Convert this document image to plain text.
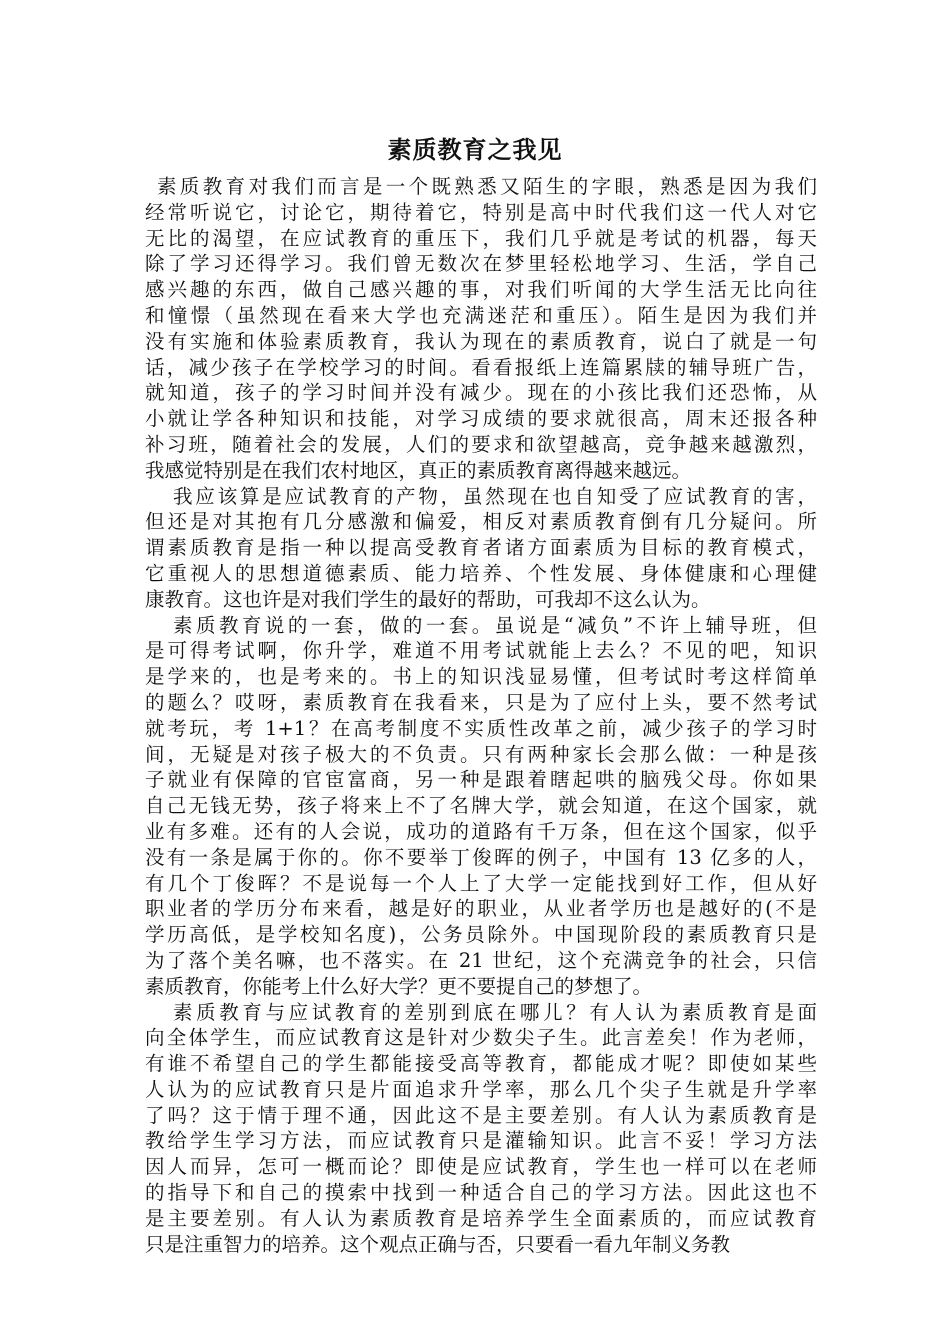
素质教育之我见
素质教育对我们而言是一个既熟悉又陌生的字眼，熟悉是因为我们
经常听说它，讨论它，期待着它，特别是高中时代我们这一代人对它
无比的渴望，在应试教育的重压下，我们几乎就是考试的机器，每天
除了学习还得学习。我们曾无数次在梦里轻松地学习、生活，学自己
感兴趣的东西，做自己感兴趣的事，对我们听闻的大学生活无比向往
和憧憬（虽然现在看来大学也充满迷茫和重压）。陌生是因为我们并
没有实施和体验素质教育，我认为现在的素质教育，说白了就是一句
话，减少孩子在学校学习的时间。看看报纸上连篇累牍的辅导班广告，
就知道，孩子的学习时间并没有减少。现在的小孩比我们还恐怖，从
小就让学各种知识和技能，对学习成绩的要求就很高，周末还报各种
补习班，随着社会的发展，人们的要求和欲望越高，竞争越来越激烈，
我感觉特别是在我们农村地区，真正的素质教育离得越来越远。
我应该算是应试教育的产物，虽然现在也自知受了应试教育的害，
但还是对其抱有几分感激和偏爱，相反对素质教育倒有几分疑问。所
谓素质教育是指一种以提高受教育者诸方面素质为目标的教育模式，
它重视人的思想道德素质、能力培养、个性发展、身体健康和心理健
康教育。这也许是对我们学生的最好的帮助，可我却不这么认为。
素质教育说的一套，做的一套。虽说是“减负”不许上辅导班，但
是可得考试啊，你升学，难道不用考试就能上去么？不见的吧，知识
是学来的，也是考来的。书上的知识浅显易懂，但考试时考这样简单
的题么？哎呀，素质教育在我看来，只是为了应付上头，要不然考试
就考玩，考 1+1？在高考制度不实质性改革之前，减少孩子的学习时
间，无疑是对孩子极大的不负责。只有两种家长会那么做：一种是孩
子就业有保障的官宦富商，另一种是跟着瞎起哄的脑残父母。你如果
自己无钱无势，孩子将来上不了名牌大学，就会知道，在这个国家，就
业有多难。还有的人会说，成功的道路有千万条，但在这个国家，似乎
没有一条是属于你的。你不要举丁俊晖的例子，中国有 13 亿多的人，
有几个丁俊晖？不是说每一个人上了大学一定能找到好工作，但从好
职业者的学历分布来看，越是好的职业，从业者学历也是越好的(不是
学历高低，是学校知名度)，公务员除外。中国现阶段的素质教育只是
为了落个美名嘛，也不落实。在 21 世纪，这个充满竞争的社会，只信
素质教育，你能考上什么好大学？更不要提自己的梦想了。
素质教育与应试教育的差别到底在哪儿？有人认为素质教育是面
向全体学生，而应试教育这是针对少数尖子生。此言差矣！作为老师，
有谁不希望自己的学生都能接受高等教育，都能成才呢？即使如某些
人认为的应试教育只是片面追求升学率，那么几个尖子生就是升学率
了吗？这于情于理不通，因此这不是主要差别。有人认为素质教育是
教给学生学习方法，而应试教育只是灌输知识。此言不妥！学习方法
因人而异，怎可一概而论？即使是应试教育，学生也一样可以在老师
的指导下和自己的摸索中找到一种适合自己的学习方法。因此这也不
是主要差别。有人认为素质教育是培养学生全面素质的，而应试教育
只是注重智力的培养。这个观点正确与否，只要看一看九年制义务教
